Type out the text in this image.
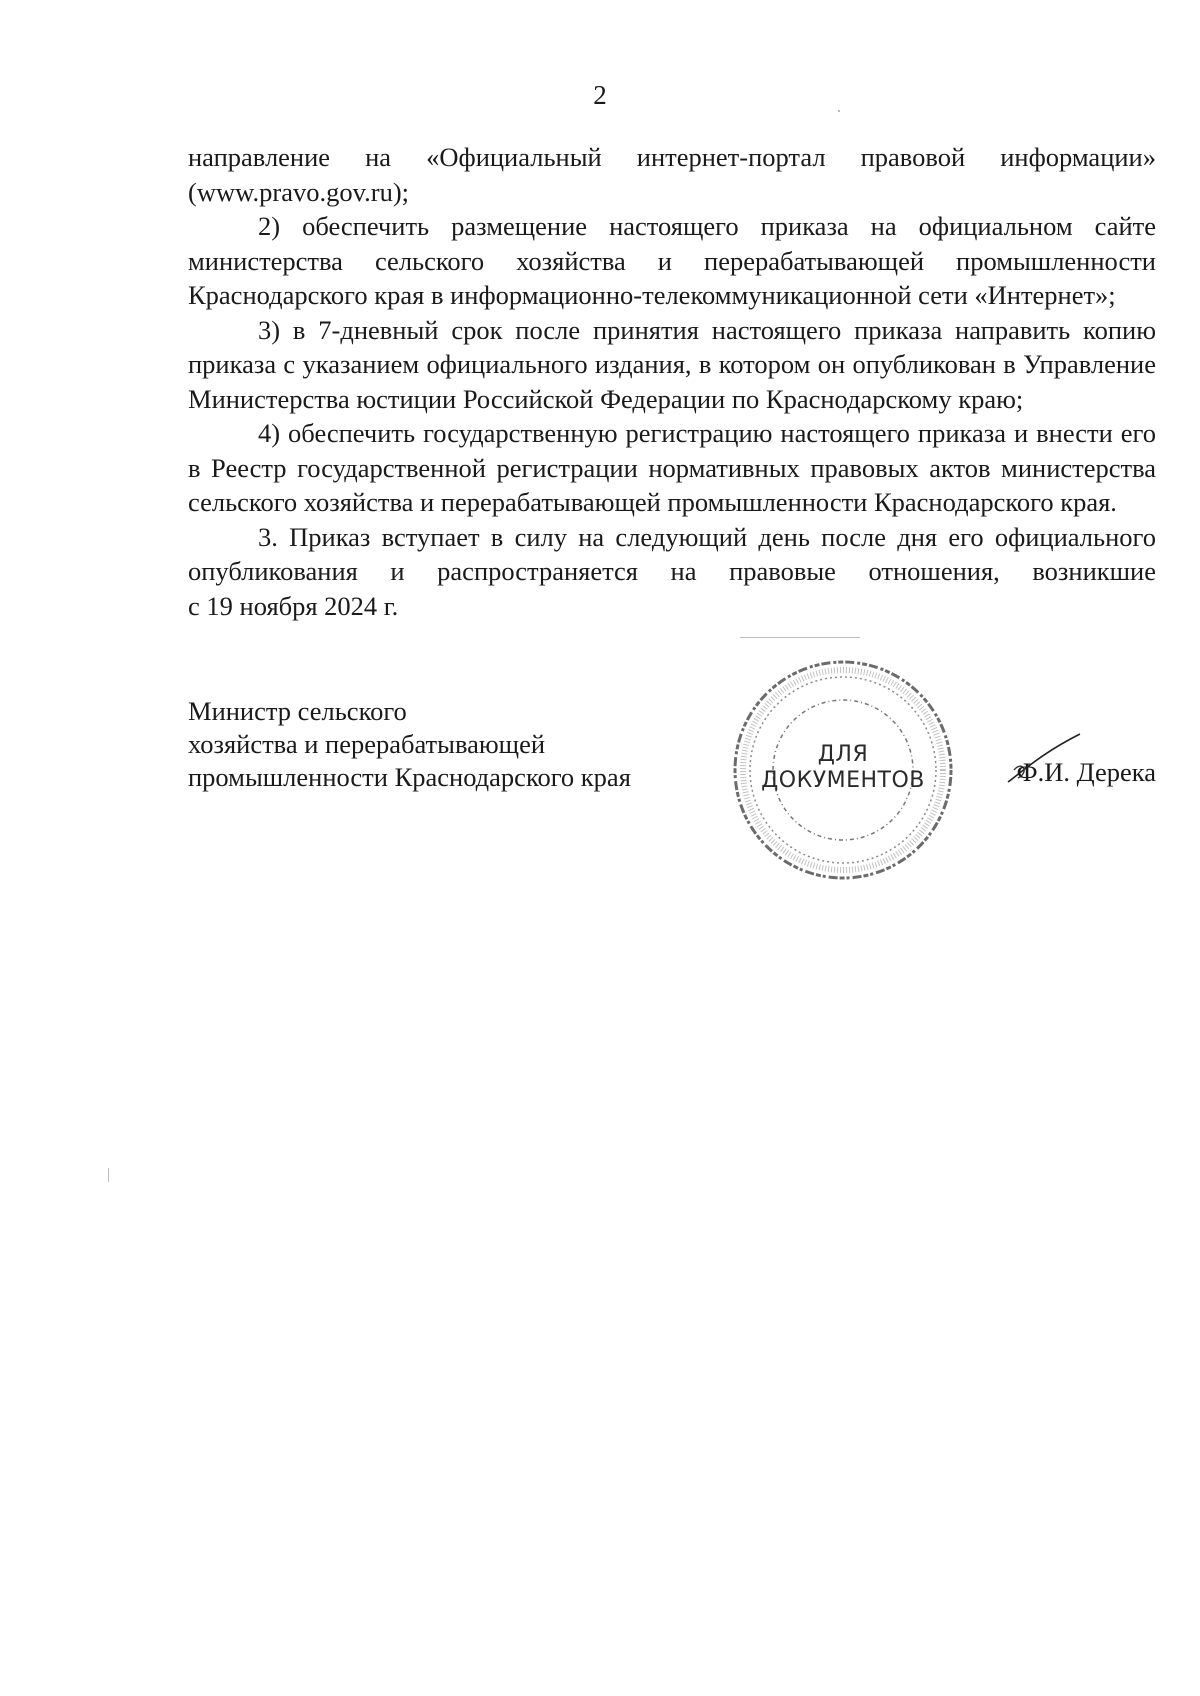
2

направление на «Официальный интернет-портал правовой информации» (www.pravo.gov.ru);

2) обеспечить размещение настоящего приказа на официальном сайте министерства сельского хозяйства и перерабатывающей промышленности Краснодарского края в информационно-телекоммуникационной сети «Интернет»;

3) в 7-дневный срок после принятия настоящего приказа направить копию приказа с указанием официального издания, в котором он опубликован в Управление Министерства юстиции Российской Федерации по Краснодарскому краю;

4) обеспечить государственную регистрацию настоящего приказа и внести его в Реестр государственной регистрации нормативных правовых актов министерства сельского хозяйства и перерабатывающей промышленности Краснодарского края.

3. Приказ вступает в силу на следующий день после дня его официального опубликования и распространяется на правовые отношения, возникшие

с 19 ноября 2024 г.

Министр сельского
хозяйства и перерабатывающей
промышленности Краснодарского края
ДЛЯ
ДОКУМЕНТОВ	Ф.И. Дерека
